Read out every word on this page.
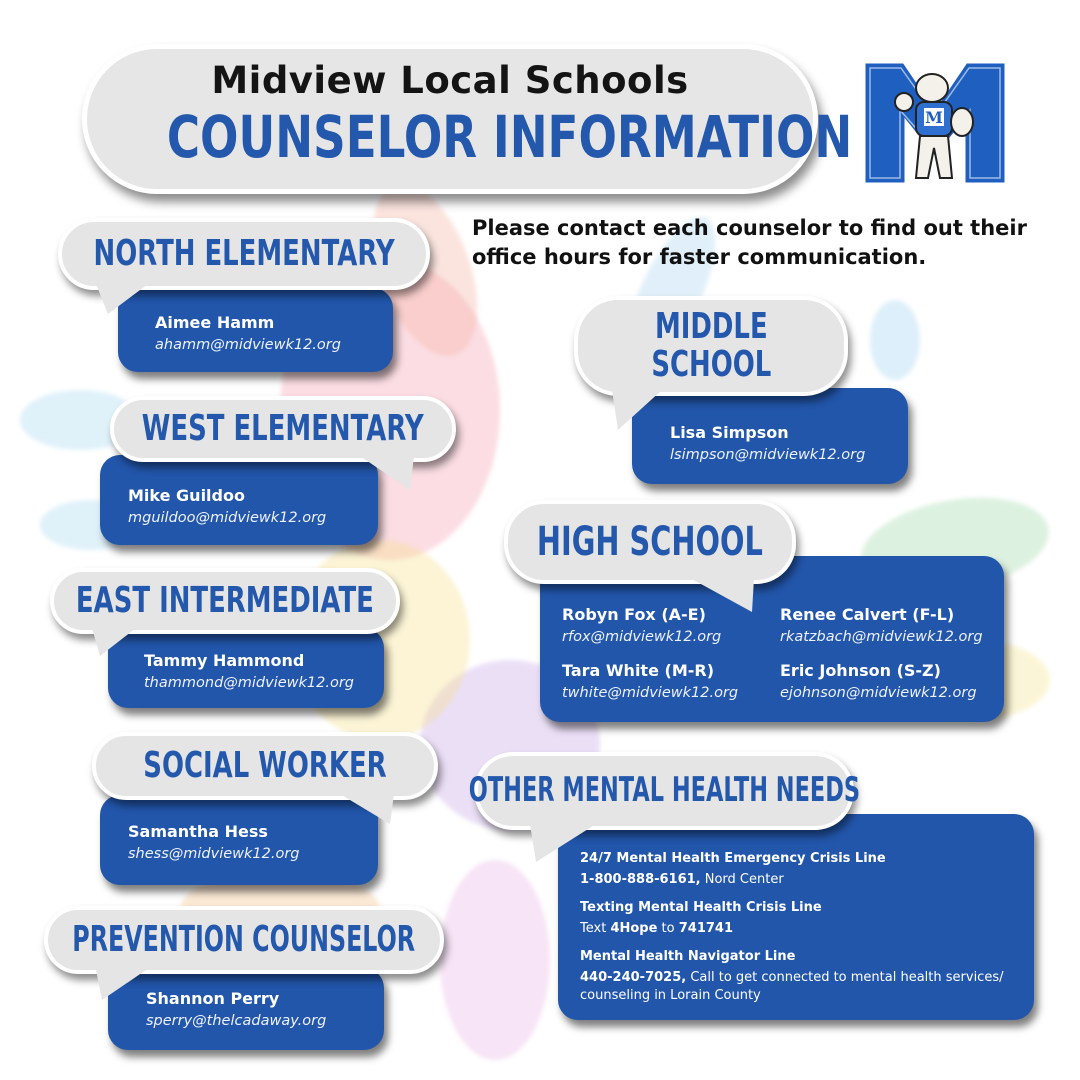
Midview Local Schools
COUNSELOR INFORMATION	M
Please contact each counselor to find out their office hours for faster communication.
Aimee Hamm
ahamm@midviewk12.org
NORTH ELEMENTARY
Mike Guildoo
mguildoo@midviewk12.org
WEST ELEMENTARY
Tammy Hammond
thammond@midviewk12.org
EAST INTERMEDIATE
Samantha Hess
shess@midviewk12.org
SOCIAL WORKER
Shannon Perry
sperry@thelcadaway.org
PREVENTION COUNSELOR
Lisa Simpson
lsimpson@midviewk12.org
MIDDLE
SCHOOL
Robyn Fox (A-E)
rfox@midviewk12.org
Renee Calvert (F-L)
rkatzbach@midviewk12.org
Tara White (M-R)
twhite@midviewk12.org
Eric Johnson (S-Z)
ejohnson@midviewk12.org
HIGH SCHOOL
24/7 Mental Health Emergency Crisis Line
1-800-888-6161, Nord Center
Texting Mental Health Crisis Line
Text 4Hope to 741741
Mental Health Navigator Line
440-240-7025, Call to get connected to mental health services/
counseling in Lorain County
OTHER MENTAL HEALTH NEEDS
